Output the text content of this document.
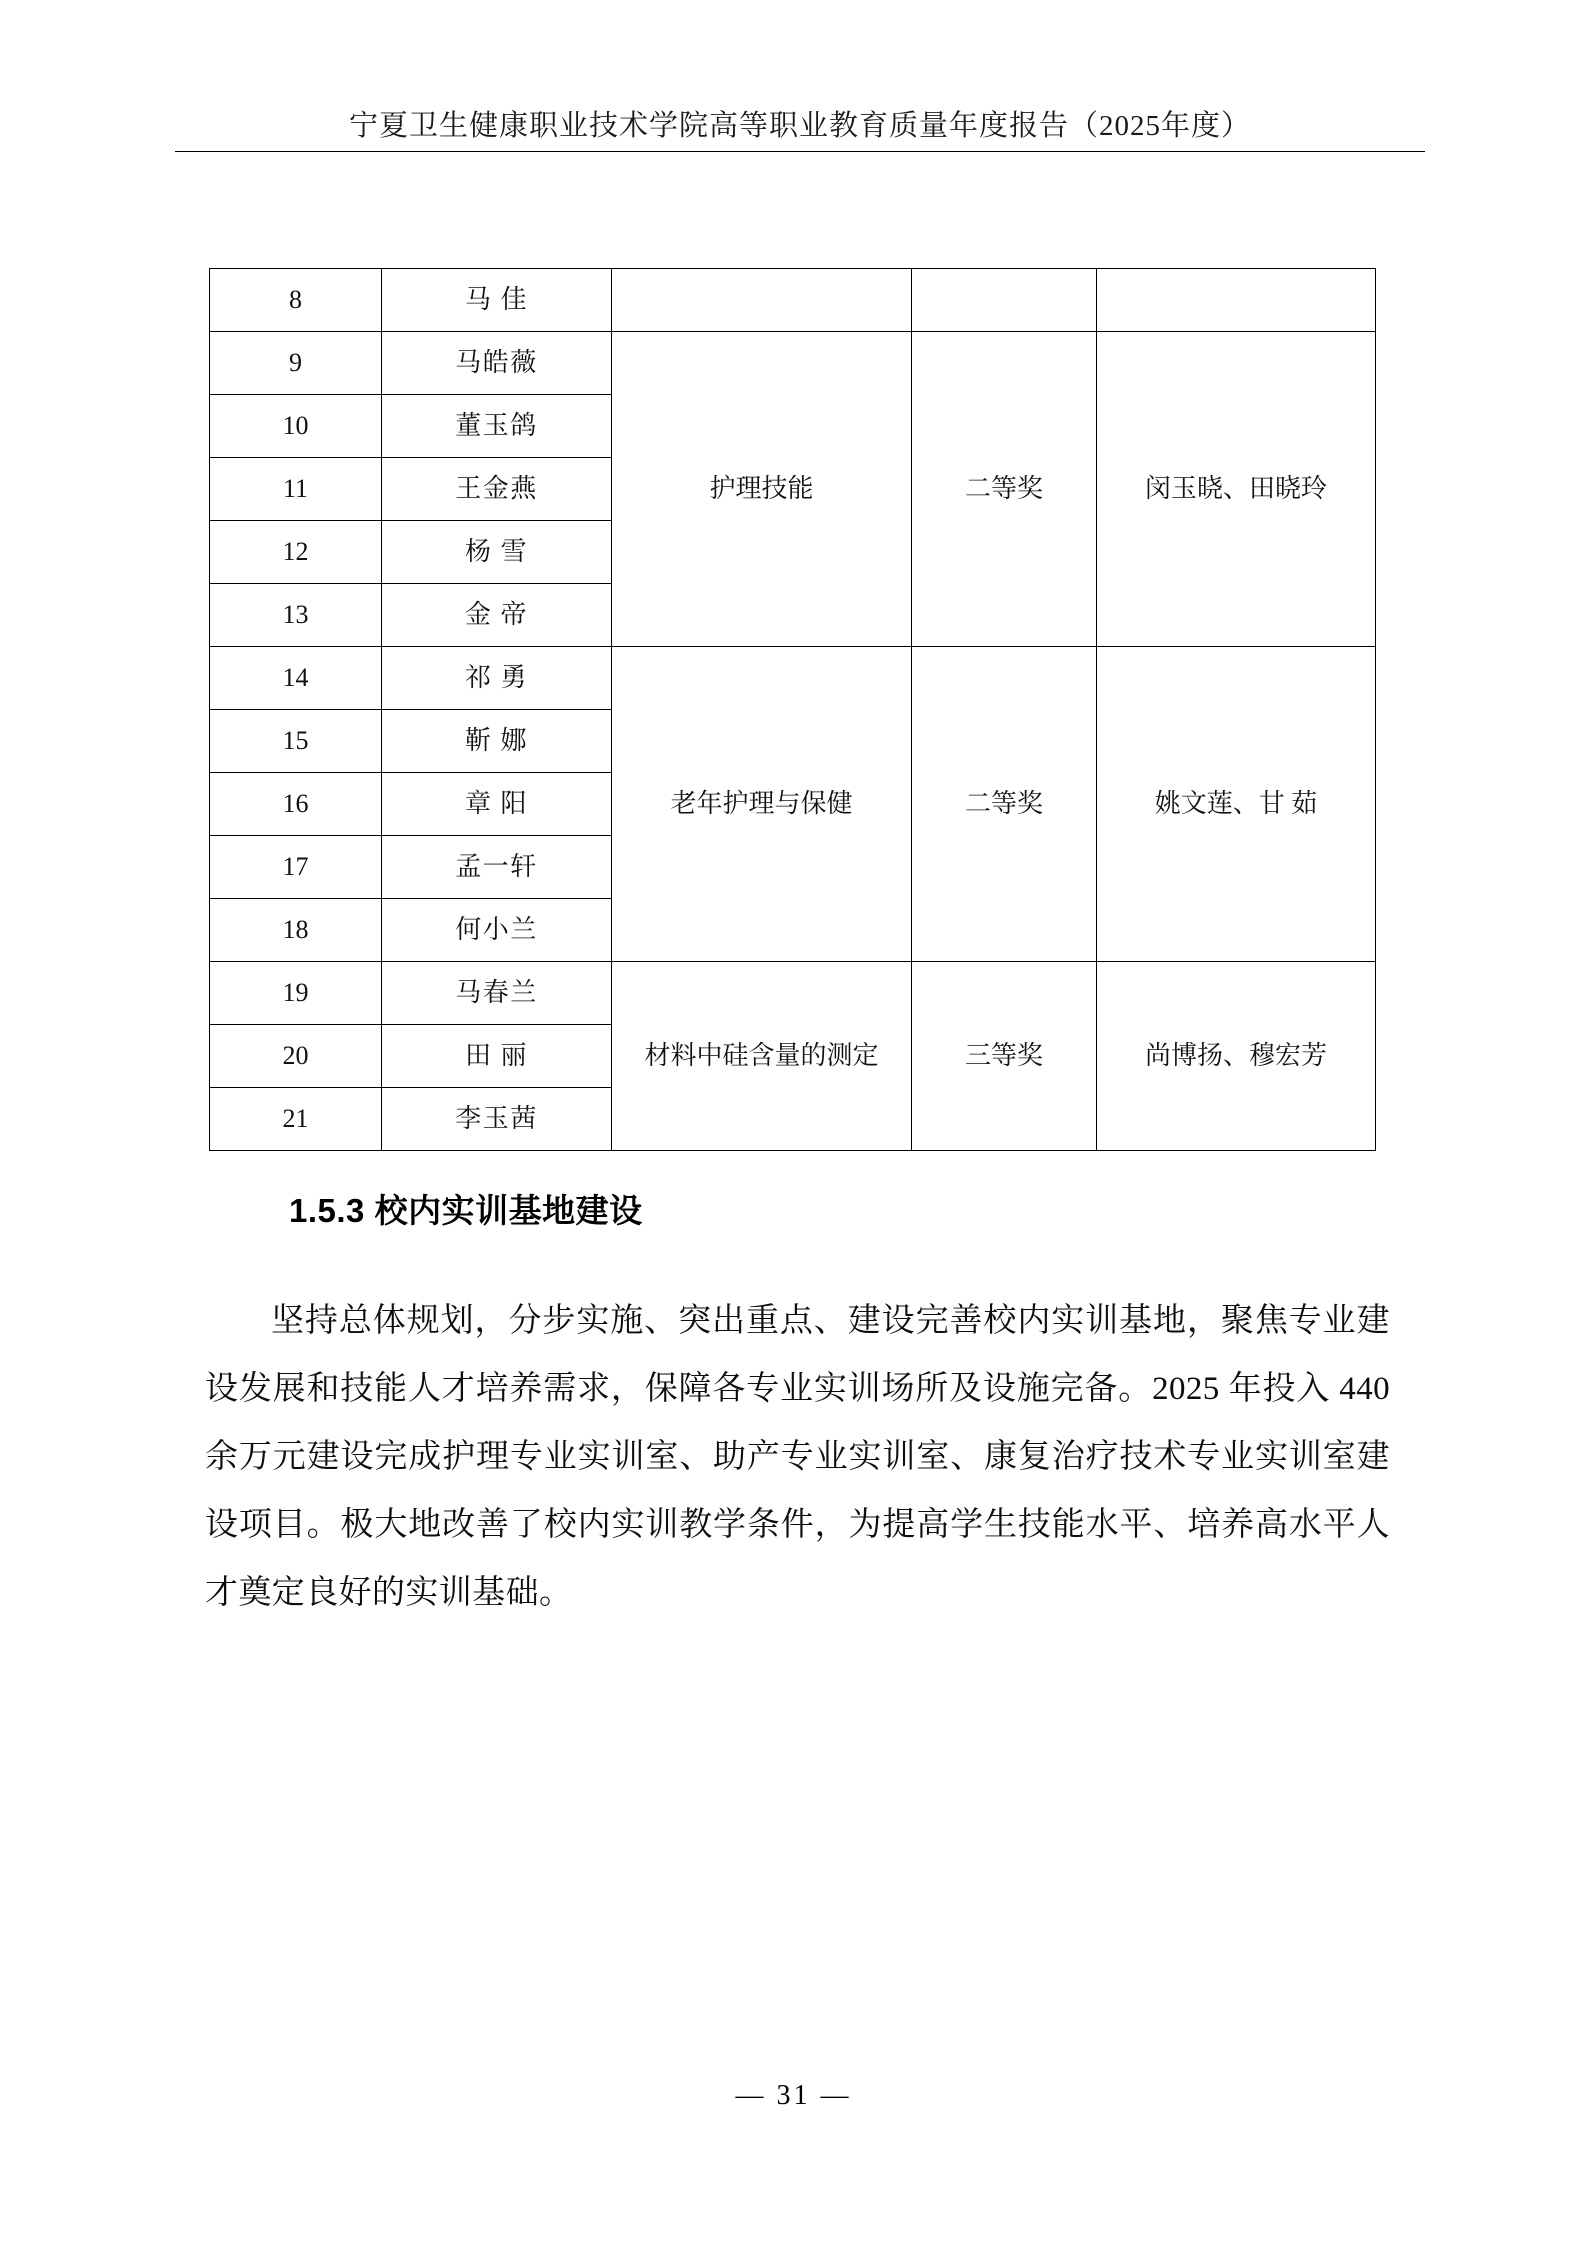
宁夏卫生健康职业技术学院高等职业教育质量年度报告（2025年度）
8	马 佳			
9	马皓薇	护理技能	二等奖	闵玉晓、田晓玲
10	董玉鸽			
11	王金燕			
12	杨 雪			
13	金 帝			
14	祁 勇	老年护理与保健	二等奖	姚文莲、甘 茹
15	靳 娜			
16	章 阳			
17	孟一轩			
18	何小兰			
19	马春兰	材料中硅含量的测定	三等奖	尚博扬、穆宏芳
20	田 丽			
21	李玉茜			
1.5.3 校内实训基地建设

坚持总体规划，分步实施、突出重点、建设完善校内实训基地，聚焦专业建设发展和技能人才培养需求，保障各专业实训场所及设施完备。2025 年投入 440 余万元建设完成护理专业实训室、助产专业实训室、康复治疗技术专业实训室建设项目。极大地改善了校内实训教学条件，为提高学生技能水平、培养高水平人才奠定良好的实训基础。

— 31 —
